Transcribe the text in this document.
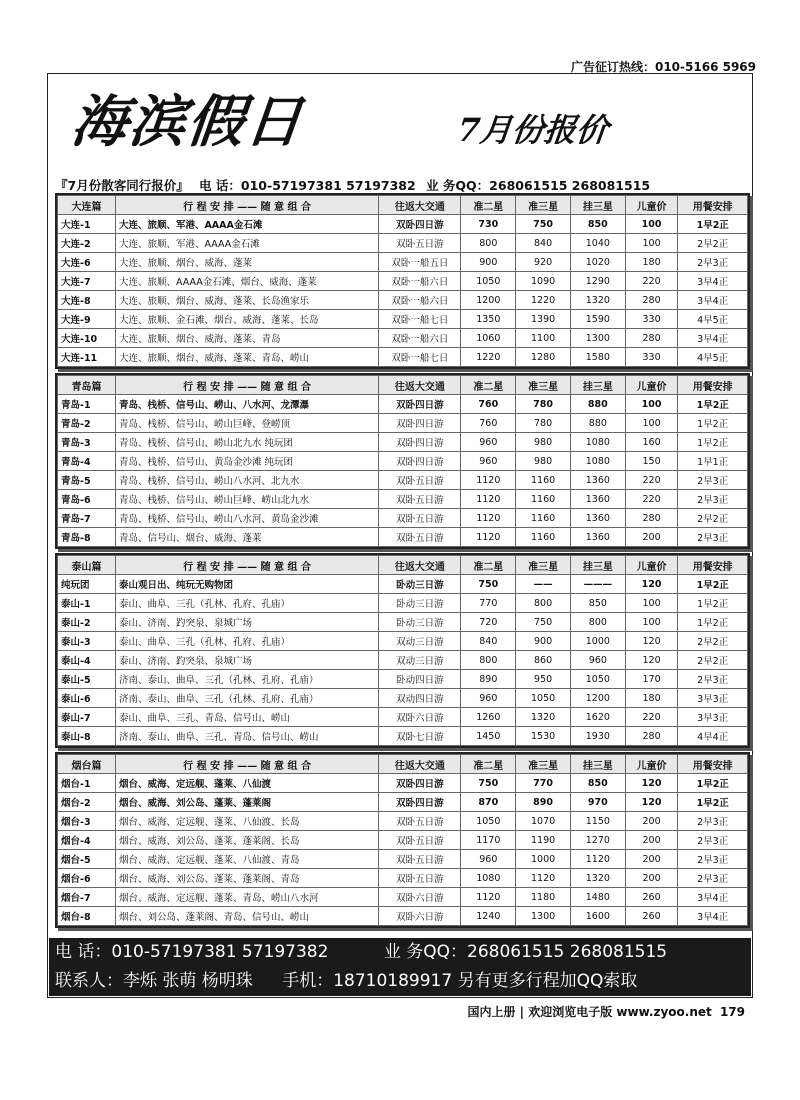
广告征订热线：010-5166 5969
海滨假日	7月份报价
『7月份散客同行报价』 电 话：010-57197381 57197382 业 务QQ：268061515 268081515
大连篇	行 程 安 排 —— 随 意 组 合	往返大交通	准二星	准三星	挂三星	儿童价	用餐安排
大连-1	大连、旅顺、军港、AAAA金石滩	双卧四日游	730	750	850	100	1早2正
大连-2	大连、旅顺、军港、AAAA金石滩	双卧五日游	800	840	1040	100	2早2正
大连-6	大连、旅顺、烟台、威海、蓬莱	双卧一船五日	900	920	1020	180	2早3正
大连-7	大连、旅顺、AAAA金石滩、烟台、威海、蓬莱	双卧一船六日	1050	1090	1290	220	3早4正
大连-8	大连、旅顺、烟台、威海、蓬莱、长岛渔家乐	双卧一船六日	1200	1220	1320	280	3早4正
大连-9	大连、旅顺、金石滩、烟台、威海、蓬莱、长岛	双卧一船七日	1350	1390	1590	330	4早5正
大连-10	大连、旅顺、烟台、威海、蓬莱、青岛	双卧一船六日	1060	1100	1300	280	3早4正
大连-11	大连、旅顺、烟台、威海、蓬莱、青岛、崂山	双卧一船七日	1220	1280	1580	330	4早5正
青岛篇	行 程 安 排 —— 随 意 组 合	往返大交通	准二星	准三星	挂三星	儿童价	用餐安排
青岛-1	青岛、栈桥、信号山、崂山、八水河、龙潭瀑	双卧四日游	760	780	880	100	1早2正
青岛-2	青岛、栈桥、信号山、崂山巨峰、登崂顶	双卧四日游	760	780	880	100	1早2正
青岛-3	青岛、栈桥、信号山、崂山北九水 纯玩团	双卧四日游	960	980	1080	160	1早2正
青岛-4	青岛、栈桥、信号山、黄岛金沙滩 纯玩团	双卧四日游	960	980	1080	150	1早1正
青岛-5	青岛、栈桥、信号山、崂山八水河、北九水	双卧五日游	1120	1160	1360	220	2早3正
青岛-6	青岛、栈桥、信号山、崂山巨峰、崂山北九水	双卧五日游	1120	1160	1360	220	2早3正
青岛-7	青岛、栈桥、信号山、崂山八水河、黄岛金沙滩	双卧五日游	1120	1160	1360	280	2早2正
青岛-8	青岛、信号山、烟台、威海、蓬莱	双卧五日游	1120	1160	1360	200	2早3正
泰山篇	行 程 安 排 —— 随 意 组 合	往返大交通	准二星	准三星	挂三星	儿童价	用餐安排
纯玩团	泰山观日出、纯玩无购物团	卧动三日游	750	——	———	120	1早2正
泰山-1	泰山、曲阜、三孔（孔林、孔府、孔庙）	卧动三日游	770	800	850	100	1早2正
泰山-2	泰山、济南、趵突泉、泉城广场	卧动三日游	720	750	800	100	1早2正
泰山-3	泰山、曲阜、三孔（孔林、孔府、孔庙）	双动三日游	840	900	1000	120	2早2正
泰山-4	泰山、济南、趵突泉、泉城广场	双动三日游	800	860	960	120	2早2正
泰山-5	济南、泰山、曲阜、三孔（孔林、孔府、孔庙）	卧动四日游	890	950	1050	170	2早3正
泰山-6	济南、泰山、曲阜、三孔（孔林、孔府、孔庙）	双动四日游	960	1050	1200	180	3早3正
泰山-7	泰山、曲阜、三孔、青岛、信号山、崂山	双卧六日游	1260	1320	1620	220	3早3正
泰山-8	济南、泰山、曲阜、三孔、青岛、信号山、崂山	双卧七日游	1450	1530	1930	280	4早4正
烟台篇	行 程 安 排 —— 随 意 组 合	往返大交通	准二星	准三星	挂三星	儿童价	用餐安排
烟台-1	烟台、威海、定远舰、蓬莱、八仙渡	双卧四日游	750	770	850	120	1早2正
烟台-2	烟台、威海、刘公岛、蓬莱、蓬莱阁	双卧四日游	870	890	970	120	1早2正
烟台-3	烟台、威海、定远舰、蓬莱、八仙渡、长岛	双卧五日游	1050	1070	1150	200	2早3正
烟台-4	烟台、威海、刘公岛、蓬莱、蓬莱阁、长岛	双卧五日游	1170	1190	1270	200	2早3正
烟台-5	烟台、威海、定远舰、蓬莱、八仙渡、青岛	双卧五日游	960	1000	1120	200	2早3正
烟台-6	烟台、威海、刘公岛、蓬莱、蓬莱阁、青岛	双卧五日游	1080	1120	1320	200	2早3正
烟台-7	烟台、威海、定远舰、蓬莱、青岛、崂山八水河	双卧六日游	1120	1180	1480	260	3早4正
烟台-8	烟台、刘公岛、蓬莱阁、青岛、信号山、崂山	双卧六日游	1240	1300	1600	260	3早4正
电 话：010-57197381 57197382	业 务QQ：268061515 268081515
联系人：李烁 张萌 杨明珠 手机：18710189917 另有更多行程加QQ索取
国内上册 | 欢迎浏览电子版 www.zyoo.net 179
